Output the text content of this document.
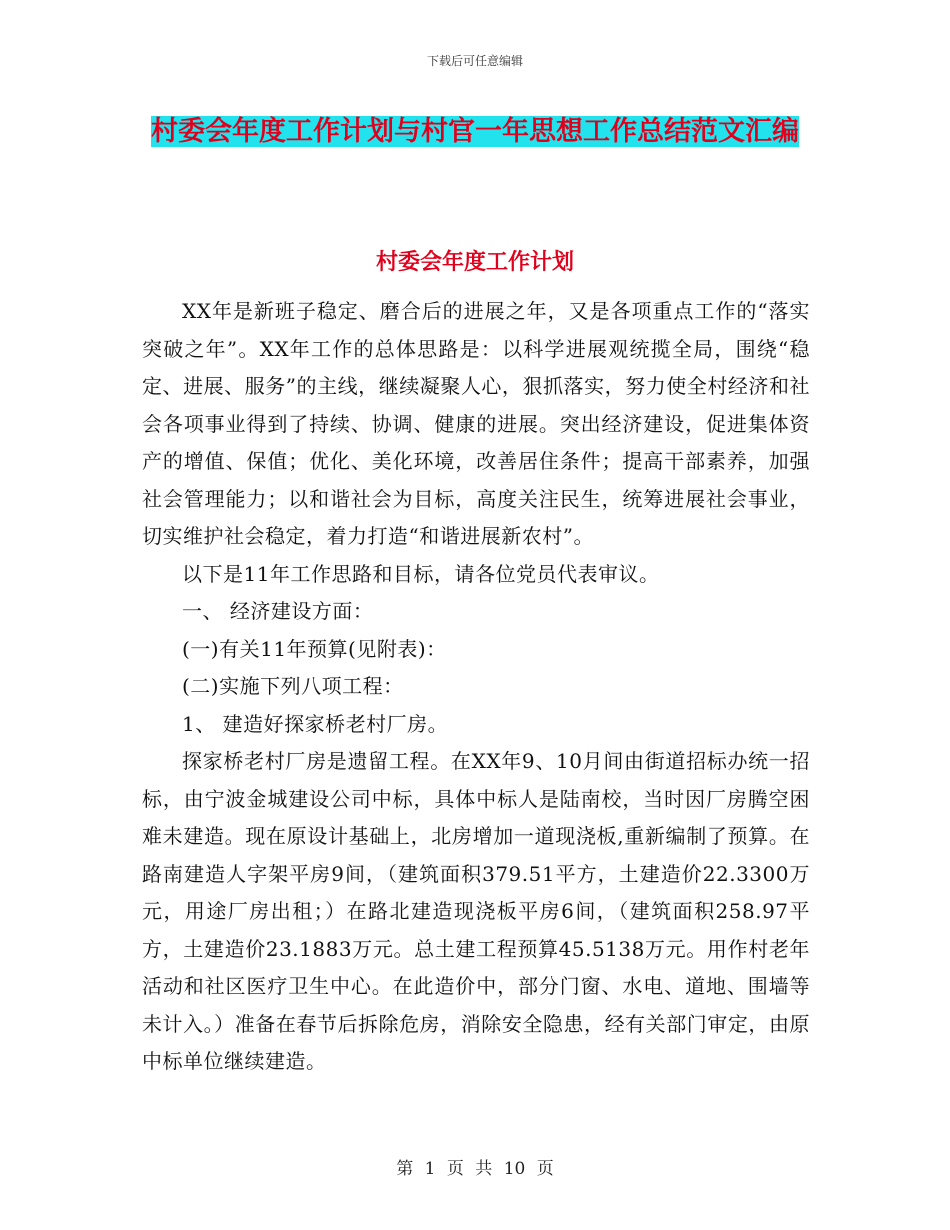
下载后可任意编辑
村委会年度工作计划与村官一年思想工作总结范文汇编
村委会年度工作计划

XX年是新班子稳定、磨合后的进展之年，又是各项重点工作的“落实突破之年”。XX年工作的总体思路是：以科学进展观统揽全局，围绕“稳定、进展、服务”的主线，继续凝聚人心，狠抓落实，努力使全村经济和社会各项事业得到了持续、协调、健康的进展。突出经济建设，促进集体资产的增值、保值；优化、美化环境，改善居住条件；提高干部素养，加强社会管理能力；以和谐社会为目标，高度关注民生，统筹进展社会事业，切实维护社会稳定，着力打造“和谐进展新农村”。

以下是11年工作思路和目标，请各位党员代表审议。

一、 经济建设方面：

(一)有关11年预算(见附表)：

(二)实施下列八项工程：

1、 建造好探家桥老村厂房。

探家桥老村厂房是遗留工程。在XX年9、10月间由街道招标办统一招标，由宁波金城建设公司中标，具体中标人是陆南校，当时因厂房腾空困难未建造。现在原设计基础上，北房增加一道现浇板,重新编制了预算。在路南建造人字架平房9间，（建筑面积379.51平方，土建造价22.3300万元，用途厂房出租；）在路北建造现浇板平房6间，（建筑面积258.97平方，土建造价23.1883万元。总土建工程预算45.5138万元。用作村老年活动和社区医疗卫生中心。在此造价中，部分门窗、水电、道地、围墙等未计入。）准备在春节后拆除危房，消除安全隐患，经有关部门审定，由原中标单位继续建造。

第 1 页 共 10 页
